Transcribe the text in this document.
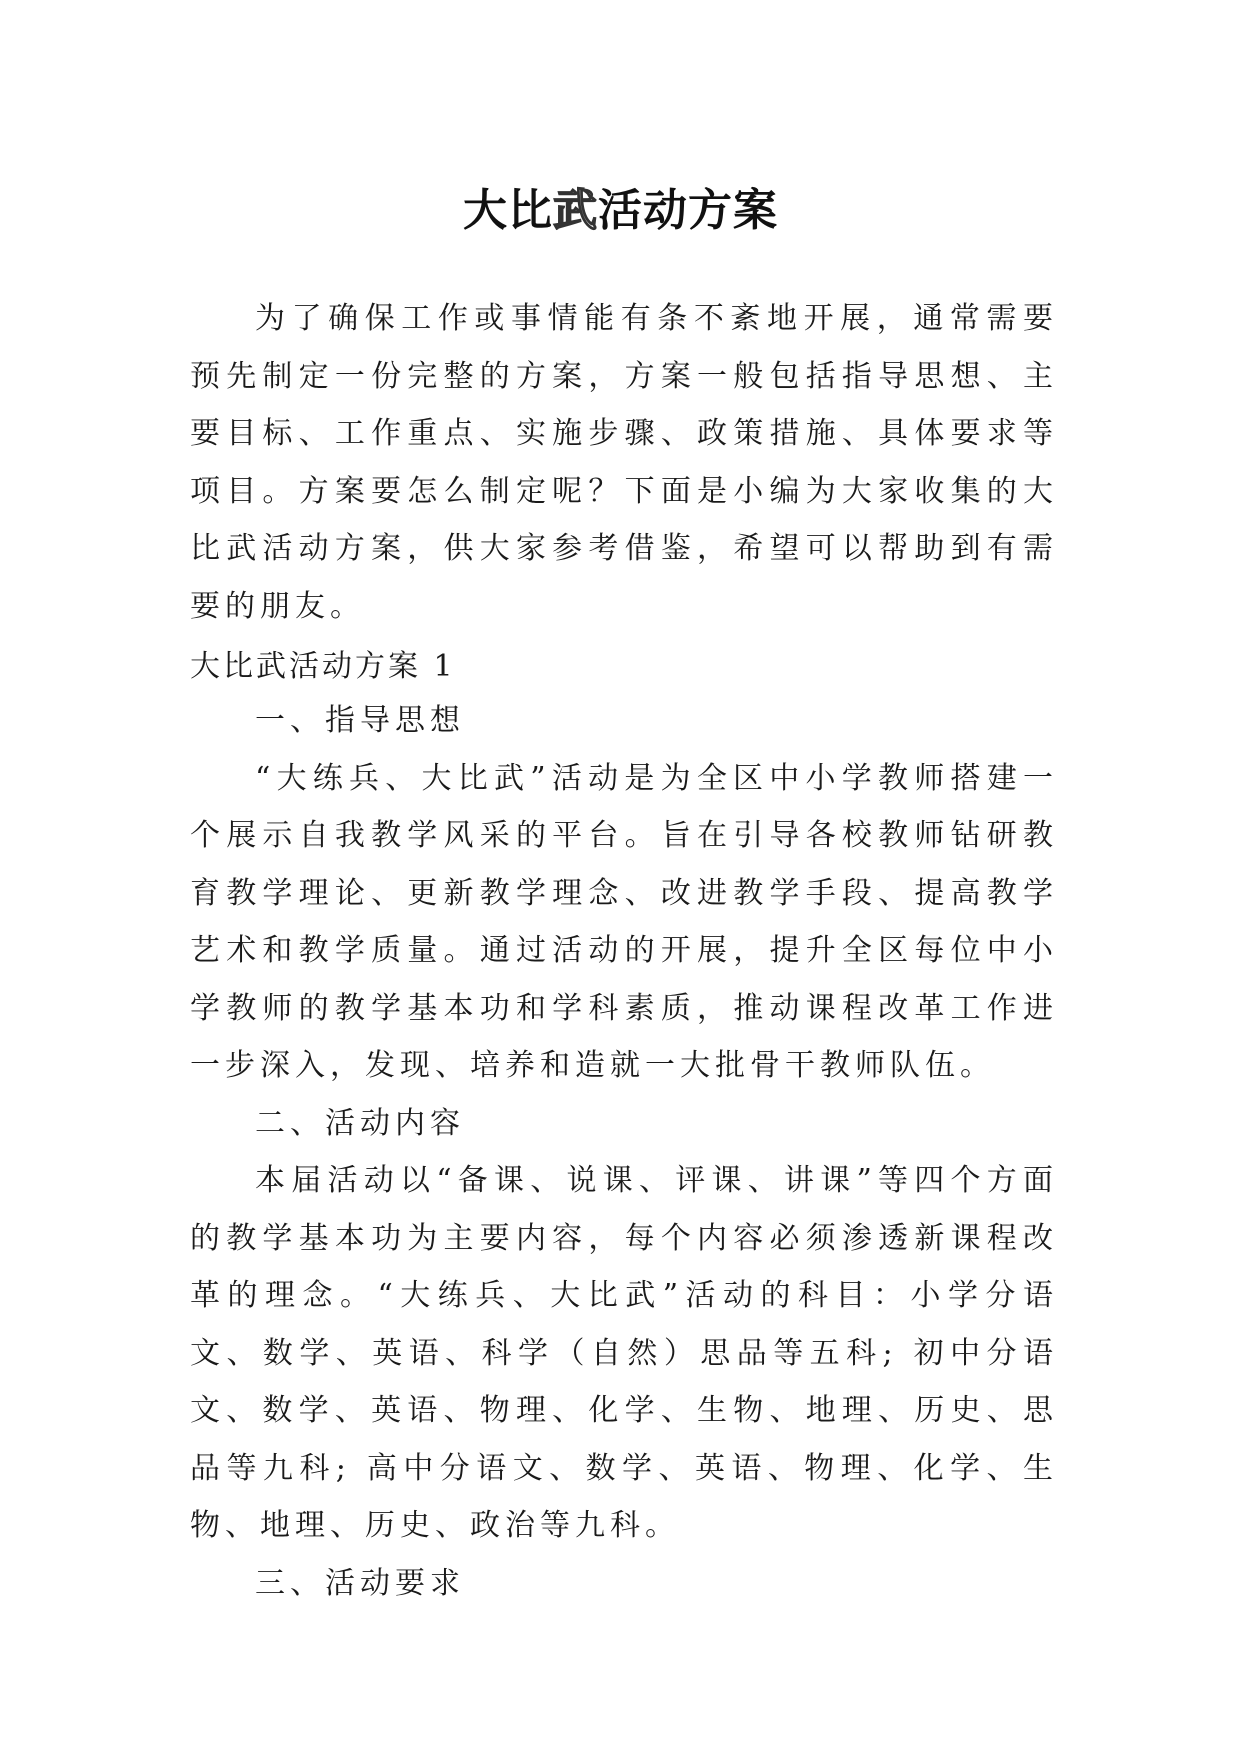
大比武活动方案

为了确保工作或事情能有条不紊地开展，通常需要预先制定一份完整的方案，方案一般包括指导思想、主要目标、工作重点、实施步骤、政策措施、具体要求等项目。方案要怎么制定呢？下面是小编为大家收集的大比武活动方案，供大家参考借鉴，希望可以帮助到有需要的朋友。

大比武活动方案 1

一、指导思想

“大练兵、大比武”活动是为全区中小学教师搭建一个展示自我教学风采的平台。旨在引导各校教师钻研教育教学理论、更新教学理念、改进教学手段、提高教学艺术和教学质量。通过活动的开展，提升全区每位中小学教师的教学基本功和学科素质，推动课程改革工作进一步深入，发现、培养和造就一大批骨干教师队伍。

二、活动内容

本届活动以“备课、说课、评课、讲课”等四个方面的教学基本功为主要内容，每个内容必须渗透新课程改革的理念。“大练兵、大比武”活动的科目：小学分语文、数学、英语、科学（自然）思品等五科; 初中分语文、数学、英语、物理、化学、生物、地理、历史、思品等九科; 高中分语文、数学、英语、物理、化学、生物、地理、历史、政治等九科。

三、活动要求
